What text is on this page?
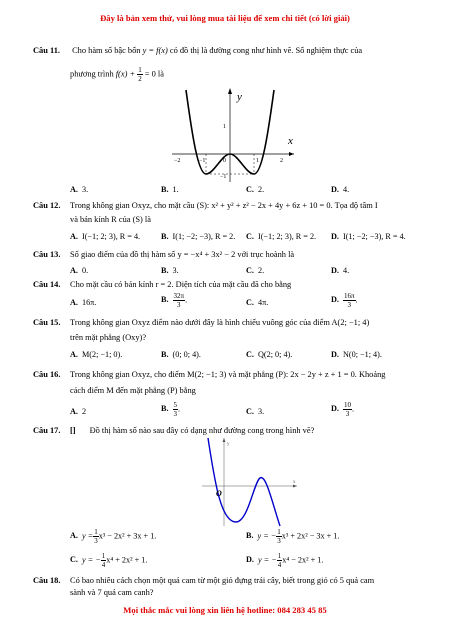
Đây là bản xem thử, vui lòng mua tài liệu để xem chi tiết (có lời giải)
Câu 11. Cho hàm số bậc bốn y = f(x) có đồ thị là đường cong như hình vẽ. Số nghiệm thực của
phương trình $f(x) + \frac{1}{2} = 0$ là
y
x
−2	−1	0	1	2
1
−1
A. 3.	B. 1.	C. 2.	D. 4.
Câu 12. Trong không gian Oxyz, cho mặt cầu (S): x² + y² + z² − 2x + 4y + 6z + 10 = 0. Tọa độ tâm I
và bán kính R của (S) là
A. I(−1; 2; 3), R = 4.	B. I(1; −2; −3), R = 2. C. I(−1; 2; 3), R = 2. D. I(1; −2; −3), R = 4.
Câu 13. Số giao điểm của đồ thị hàm số y = −x⁴ + 3x² − 2 với trục hoành là
A. 0.	B. 3.	C. 2.	D. 4.
Câu 14. Cho mặt cầu có bán kính r = 2. Diện tích của mặt cầu đã cho bằng
A. 16π.	B. $\frac{32\pi}{3}$ .	C. 4π.	D. $\frac{16\pi}{3}$ .
Câu 15. Trong không gian Oxyz điểm nào dưới đây là hình chiếu vuông góc của điểm A(2; −1; 4)
trên mặt phẳng (Oxy)?
A. M(2; −1; 0).	B. (0; 0; 4).	C. Q(2; 0; 4).	D. N(0; −1; 4).
Câu 16. Trong không gian Oxyz, cho điểm M(2; −1; 3) và mặt phẳng (P): 2x − 2y + z + 1 = 0. Khoảng
cách điểm M đến mặt phẳng (P) bằng
A. 2	B. $\frac{5}{3}$ .	C. 3.	D. $\frac{10}{3}$ .
Câu 17. [] Đồ thị hàm số nào sau đây có dạng như đường cong trong hình vẽ?
y
x
O
A. $y = \frac{1}{3} x^3 - 2x^2 + 3x + 1$.	B. y = − $\frac{1}{3} x^3 + 2x^2 - 3x + 1$.
C. y = − $\frac{1}{4} x^4 + 2x^2 + 1$.	D. y = − $\frac{1}{4} x^4 - 2x^2 + 1$.
Câu 18. Có bao nhiêu cách chọn một quả cam từ một giỏ đựng trái cây, biết trong giỏ có 5 quả cam
sành và 7 quả cam canh?
Mọi thắc mắc vui lòng xin liên hệ hotline: 084 283 45 85
